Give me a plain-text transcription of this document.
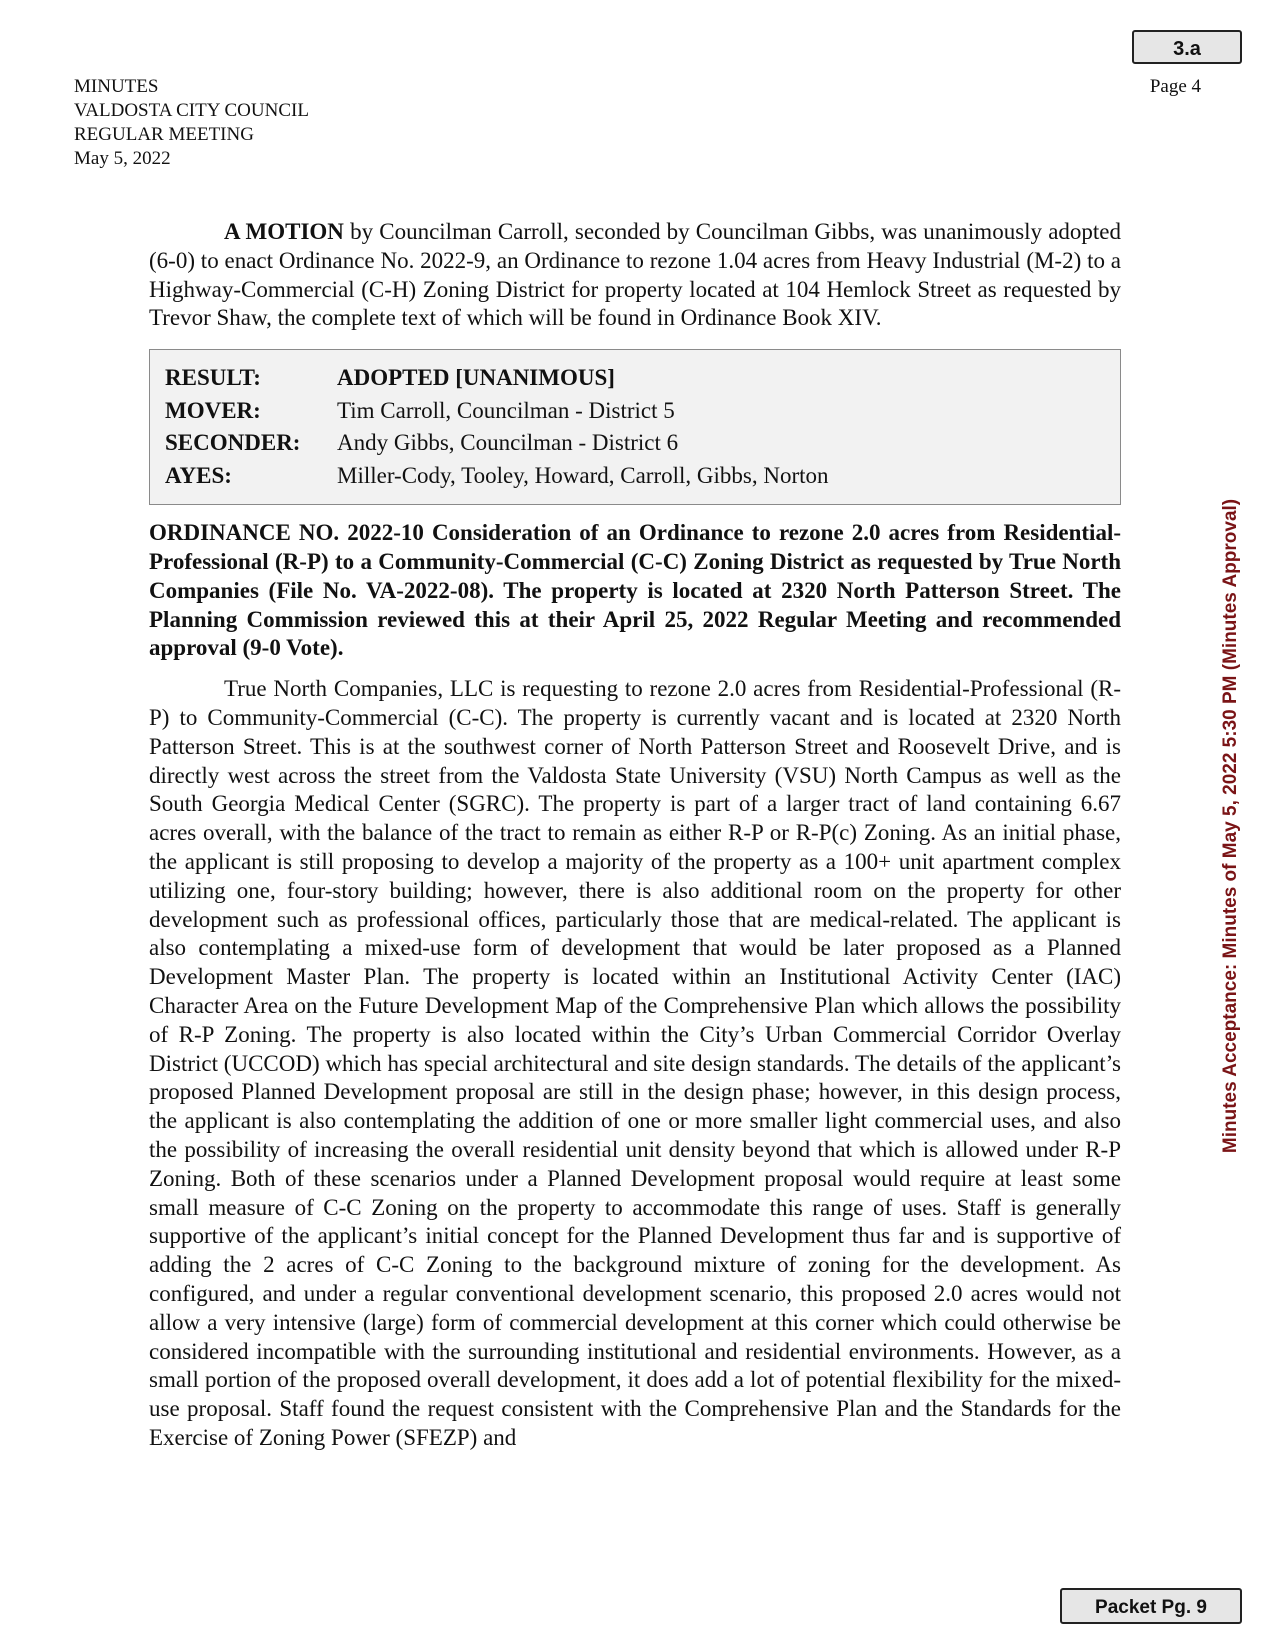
3.a
MINUTES
VALDOSTA CITY COUNCIL
REGULAR MEETING
May 5, 2022
Page 4

A MOTION by Councilman Carroll, seconded by Councilman Gibbs, was unanimously adopted (6-0) to enact Ordinance No. 2022-9, an Ordinance to rezone 1.04 acres from Heavy Industrial (M-2) to a Highway-Commercial (C-H) Zoning District for property located at 104 Hemlock Street as requested by Trevor Shaw, the complete text of which will be found in Ordinance Book XIV.

RESULT:	ADOPTED [UNANIMOUS]
MOVER:	Tim Carroll, Councilman - District 5
SECONDER:	Andy Gibbs, Councilman - District 6
AYES:	Miller-Cody, Tooley, Howard, Carroll, Gibbs, Norton

ORDINANCE NO. 2022-10 Consideration of an Ordinance to rezone 2.0 acres from Residential-Professional (R-P) to a Community-Commercial (C-C) Zoning District as requested by True North Companies (File No. VA-2022-08). The property is located at 2320 North Patterson Street. The Planning Commission reviewed this at their April 25, 2022 Regular Meeting and recommended approval (9-0 Vote).

True North Companies, LLC is requesting to rezone 2.0 acres from Residential-Professional (R-P) to Community-Commercial (C-C). The property is currently vacant and is located at 2320 North Patterson Street. This is at the southwest corner of North Patterson Street and Roosevelt Drive, and is directly west across the street from the Valdosta State University (VSU) North Campus as well as the South Georgia Medical Center (SGRC). The property is part of a larger tract of land containing 6.67 acres overall, with the balance of the tract to remain as either R-P or R-P(c) Zoning. As an initial phase, the applicant is still proposing to develop a majority of the property as a 100+ unit apartment complex utilizing one, four-story building; however, there is also additional room on the property for other development such as professional offices, particularly those that are medical-related. The applicant is also contemplating a mixed-use form of development that would be later proposed as a Planned Development Master Plan. The property is located within an Institutional Activity Center (IAC) Character Area on the Future Development Map of the Comprehensive Plan which allows the possibility of R-P Zoning. The property is also located within the City’s Urban Commercial Corridor Overlay District (UCCOD) which has special architectural and site design standards. The details of the applicant’s proposed Planned Development proposal are still in the design phase; however, in this design process, the applicant is also contemplating the addition of one or more smaller light commercial uses, and also the possibility of increasing the overall residential unit density beyond that which is allowed under R-P Zoning. Both of these scenarios under a Planned Development proposal would require at least some small measure of C-C Zoning on the property to accommodate this range of uses. Staff is generally supportive of the applicant’s initial concept for the Planned Development thus far and is supportive of adding the 2 acres of C-C Zoning to the background mixture of zoning for the development. As configured, and under a regular conventional development scenario, this proposed 2.0 acres would not allow a very intensive (large) form of commercial development at this corner which could otherwise be considered incompatible with the surrounding institutional and residential environments. However, as a small portion of the proposed overall development, it does add a lot of potential flexibility for the mixed-use proposal. Staff found the request consistent with the Comprehensive Plan and the Standards for the Exercise of Zoning Power (SFEZP) and

Minutes Acceptance: Minutes of May 5, 2022 5:30 PM (Minutes Approval)
Packet Pg. 9
